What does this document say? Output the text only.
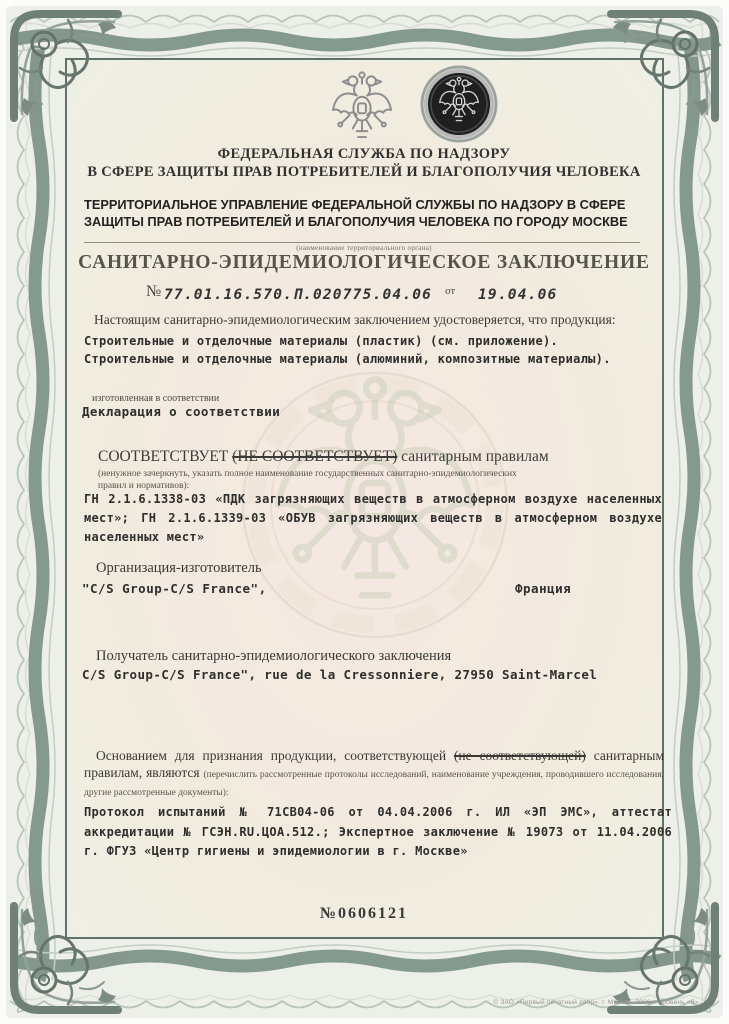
ФЕДЕРАЛЬНАЯ СЛУЖБА ПО НАДЗОРУ
В СФЕРЕ ЗАЩИТЫ ПРАВ ПОТРЕБИТЕЛЕЙ И БЛАГОПОЛУЧИЯ ЧЕЛОВЕКА
ТЕРРИТОРИАЛЬНОЕ УПРАВЛЕНИЕ ФЕДЕРАЛЬНОЙ СЛУЖБЫ ПО НАДЗОРУ В СФЕРЕ ЗАЩИТЫ ПРАВ ПОТРЕБИТЕЛЕЙ И БЛАГОПОЛУЧИЯ ЧЕЛОВЕКА ПО ГОРОДУ МОСКВЕ
(наименование территориального органа)
САНИТАРНО-ЭПИДЕМИОЛОГИЧЕСКОЕ ЗАКЛЮЧЕНИЕ
№ 77.01.16.570.П.020775.04.06 от 19.04.06
Настоящим санитарно-эпидемиологическим заключением удостоверяется, что продукция:
Строительные и отделочные материалы (пластик) (см. приложение).
Строительные и отделочные материалы (алюминий, композитные материалы).
изготовленная в соответствии
Декларация о соответствии
СООТВЕТСТВУЕТ (НЕ СООТВЕТСТВУЕТ) санитарным правилам
(ненужное зачеркнуть, указать полное наименование государственных санитарно-эпидемиологических правил и нормативов):
ГН 2.1.6.1338-03 «ПДК загрязняющих веществ в атмосферном воздухе населенных мест»; ГН 2.1.6.1339-03 «ОБУВ загрязняющих веществ в атмосферном воздухе населенных мест»
Организация-изготовитель
"C/S Group-C/S France",	Франция
Получатель санитарно-эпидемиологического заключения
C/S Group-C/S France", rue de la Cressonniere, 27950 Saint-Marcel

Основанием для признания продукции, соответствующей (не соответствующей) санитарным правилам, являются (перечислить рассмотренные протоколы исследований, наименование учреждения, проводившего исследования, другие рассмотренные документы):

Протокол испытаний № 71СВ04-06 от 04.04.2006 г. ИЛ «ЭП ЭМС», аттестат аккредитации № ГСЭН.RU.ЦОА.512.; Экспертное заключение № 19073 от 11.04.2006 г. ФГУЗ «Центр гигиены и эпидемиологии в г. Москве»
№0606121
© ЗАО «Первый печатный двор». г. Москва. 2006 г. Уровень «В».
